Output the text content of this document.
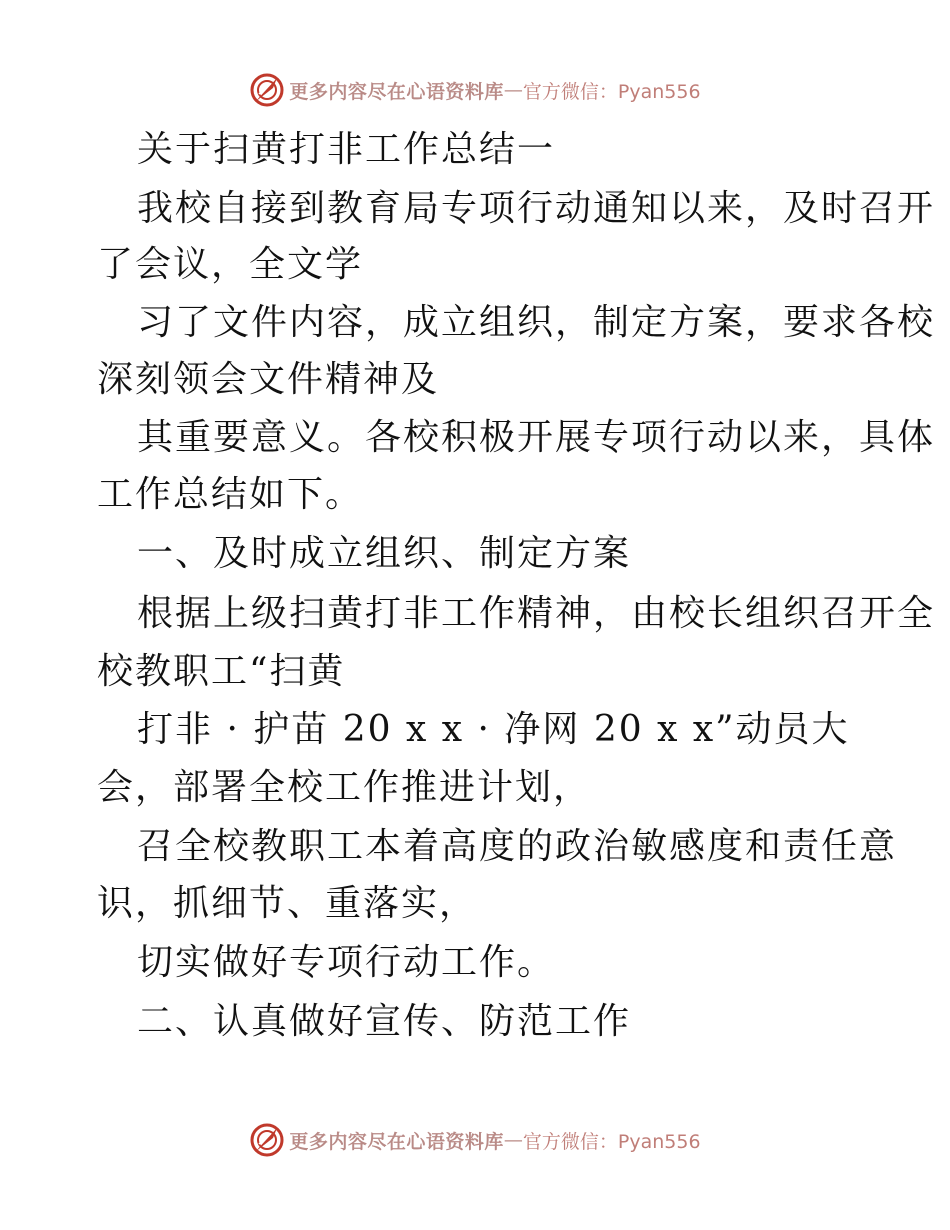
更多内容尽在心语资料库 — 官方微信：Pyan556
关于扫黄打非工作总结一
我校自接到教育局专项行动通知以来，及时召开
了会议，全文学
习了文件内容，成立组织，制定方案，要求各校
深刻领会文件精神及
其重要意义。各校积极开展专项行动以来，具体
工作总结如下。
一、及时成立组织、制定方案
根据上级扫黄打非工作精神，由校长组织召开全
校教职工“扫黄
打非 · 护苗 20 x x · 净网 20 x x”动员大
会，部署全校工作推进计划，
召全校教职工本着高度的政治敏感度和责任意
识，抓细节、重落实，
切实做好专项行动工作。
二、认真做好宣传、防范工作
更多内容尽在心语资料库 — 官方微信：Pyan556
